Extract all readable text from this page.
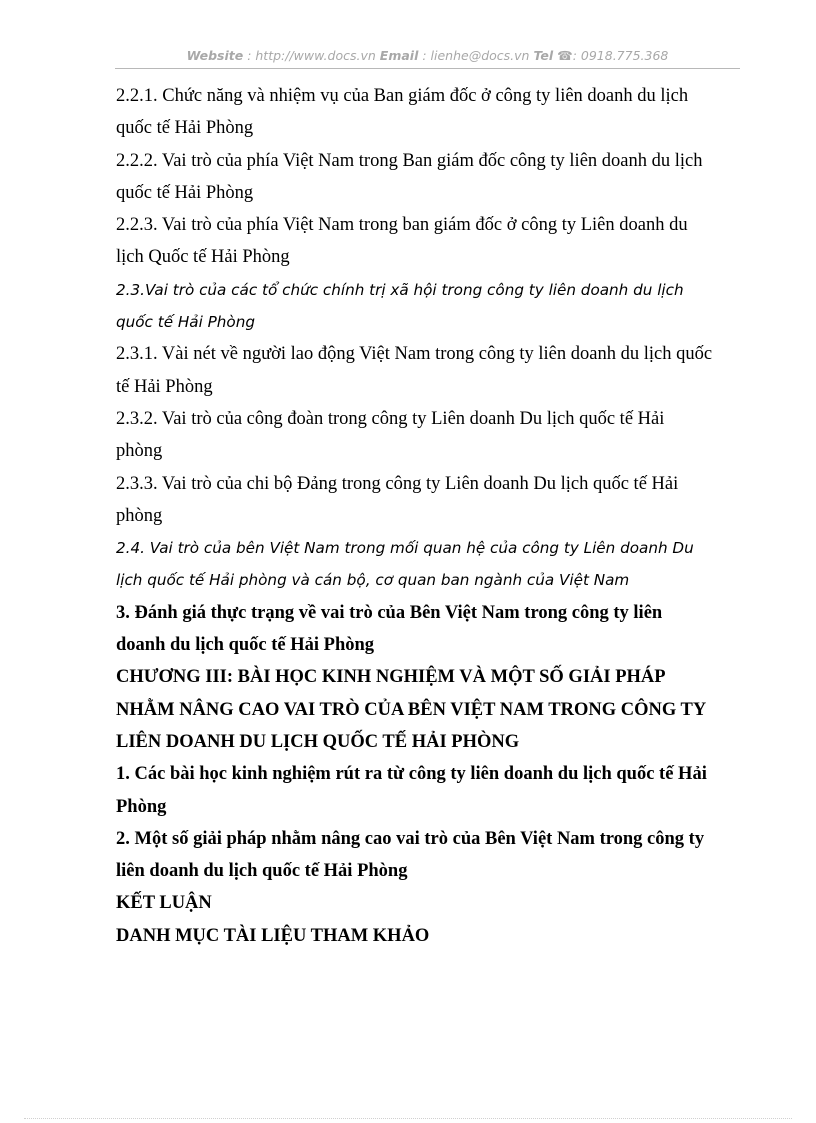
Website : http://www.docs.vn Email : lienhe@docs.vn Tel ☎: 0918.775.368
2.2.1. Chức năng và nhiệm vụ của Ban giám đốc ở công ty liên doanh du lịch
quốc tế Hải Phòng
2.2.2. Vai trò của phía Việt Nam trong Ban giám đốc công ty liên doanh du lịch
quốc tế Hải Phòng
2.2.3. Vai trò của phía Việt Nam trong ban giám đốc ở công ty Liên doanh du
lịch Quốc tế Hải Phòng
2.3.Vai trò của các tổ chức chính trị xã hội trong công ty liên doanh du lịch
quốc tế Hải Phòng
2.3.1. Vài nét về người lao động Việt Nam trong công ty liên doanh du lịch quốc
tế Hải Phòng
2.3.2. Vai trò của công đoàn trong công ty Liên doanh Du lịch quốc tế Hải
phòng
2.3.3. Vai trò của chi bộ Đảng trong công ty Liên doanh Du lịch quốc tế Hải
phòng
2.4. Vai trò của bên Việt Nam trong mối quan hệ của công ty Liên doanh Du
lịch quốc tế Hải phòng và cán bộ, cơ quan ban ngành của Việt Nam
3. Đánh giá thực trạng về vai trò của Bên Việt Nam trong công ty liên
doanh du lịch quốc tế Hải Phòng
CHƯƠNG III: BÀI HỌC KINH NGHIỆM VÀ MỘT SỐ GIẢI PHÁP
NHẰM NÂNG CAO VAI TRÒ CỦA BÊN VIỆT NAM TRONG CÔNG TY
LIÊN DOANH DU LỊCH QUỐC TẾ HẢI PHÒNG
1. Các bài học kinh nghiệm rút ra từ công ty liên doanh du lịch quốc tế Hải
Phòng
2. Một số giải pháp nhằm nâng cao vai trò của Bên Việt Nam trong công ty
liên doanh du lịch quốc tế Hải Phòng
KẾT LUẬN
DANH MỤC TÀI LIỆU THAM KHẢO
